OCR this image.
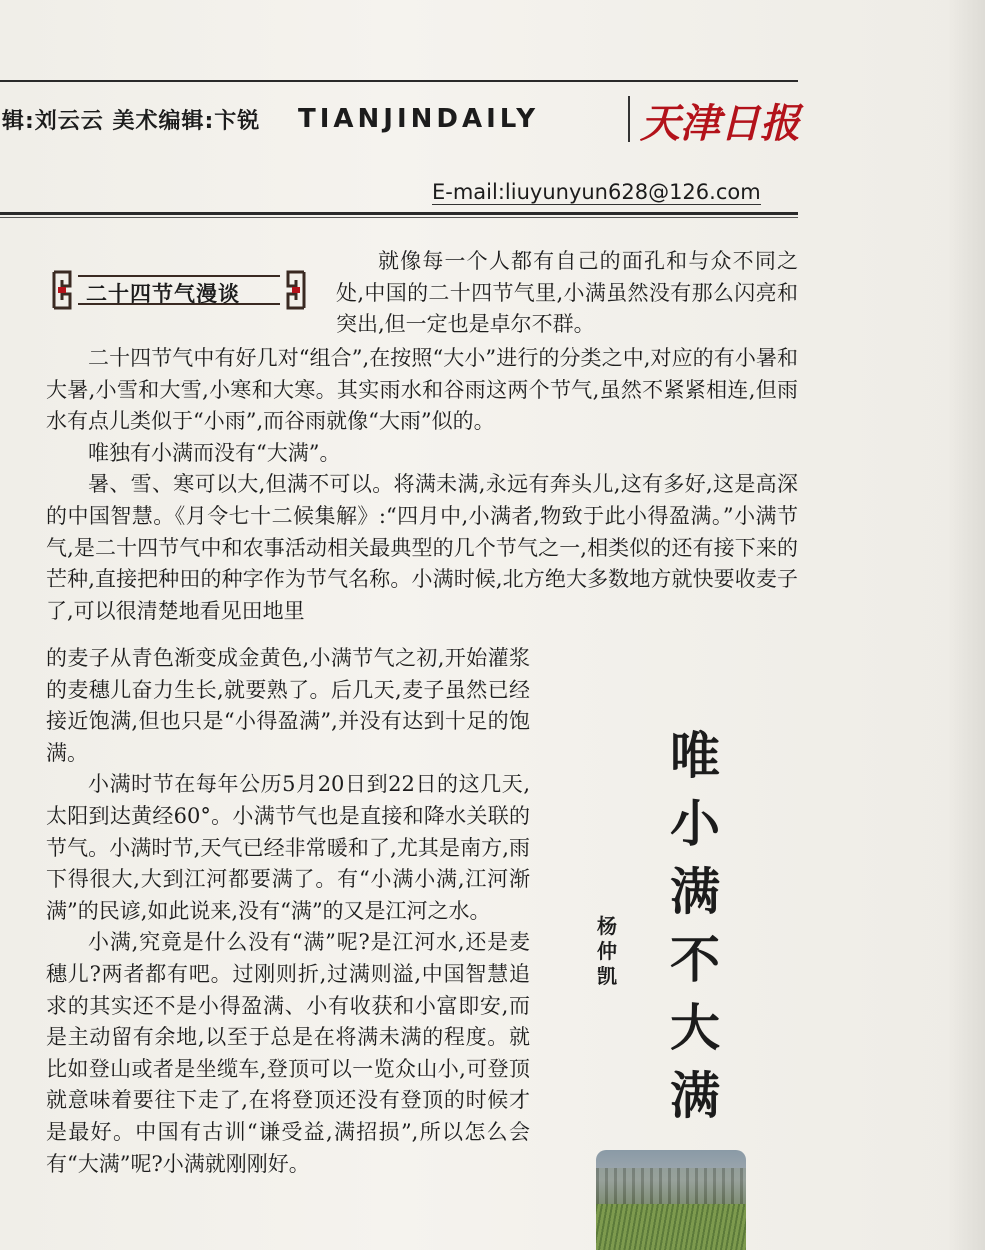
辑:刘云云 美术编辑:卞锐 TIANJINDAILY	天津日报
E-mail:liuyunyun628@126.com
二十四节气漫谈

就像每一个人都有自己的面孔和与众不同之处,中国的二十四节气里,小满虽然没有那么闪亮和突出,但一定也是卓尔不群。

二十四节气中有好几对“组合”,在按照“大小”进行的分类之中,对应的有小暑和大暑,小雪和大雪,小寒和大寒。其实雨水和谷雨这两个节气,虽然不紧紧相连,但雨水有点儿类似于“小雨”,而谷雨就像“大雨”似的。

唯独有小满而没有“大满”。

暑、雪、寒可以大,但满不可以。将满未满,永远有奔头儿,这有多好,这是高深的中国智慧。《月令七十二候集解》:“四月中,小满者,物致于此小得盈满。”小满节气,是二十四节气中和农事活动相关最典型的几个节气之一,相类似的还有接下来的芒种,直接把种田的种字作为节气名称。小满时候,北方绝大多数地方就快要收麦子了,可以很清楚地看见田地里

的麦子从青色渐变成金黄色,小满节气之初,开始灌浆的麦穗儿奋力生长,就要熟了。后几天,麦子虽然已经接近饱满,但也只是“小得盈满”,并没有达到十足的饱满。

小满时节在每年公历5月20日到22日的这几天,太阳到达黄经60°。小满节气也是直接和降水关联的节气。小满时节,天气已经非常暖和了,尤其是南方,雨下得很大,大到江河都要满了。有“小满小满,江河渐满”的民谚,如此说来,没有“满”的又是江河之水。

小满,究竟是什么没有“满”呢?是江河水,还是麦穗儿?两者都有吧。过刚则折,过满则溢,中国智慧追求的其实还不是小得盈满、小有收获和小富即安,而是主动留有余地,以至于总是在将满未满的程度。就比如登山或者是坐缆车,登顶可以一览众山小,可登顶就意味着要往下走了,在将登顶还没有登顶的时候才是最好。中国有古训“谦受益,满招损”,所以怎么会有“大满”呢?小满就刚刚好。

唯
小
满
不
大
满
杨
仲
凯
